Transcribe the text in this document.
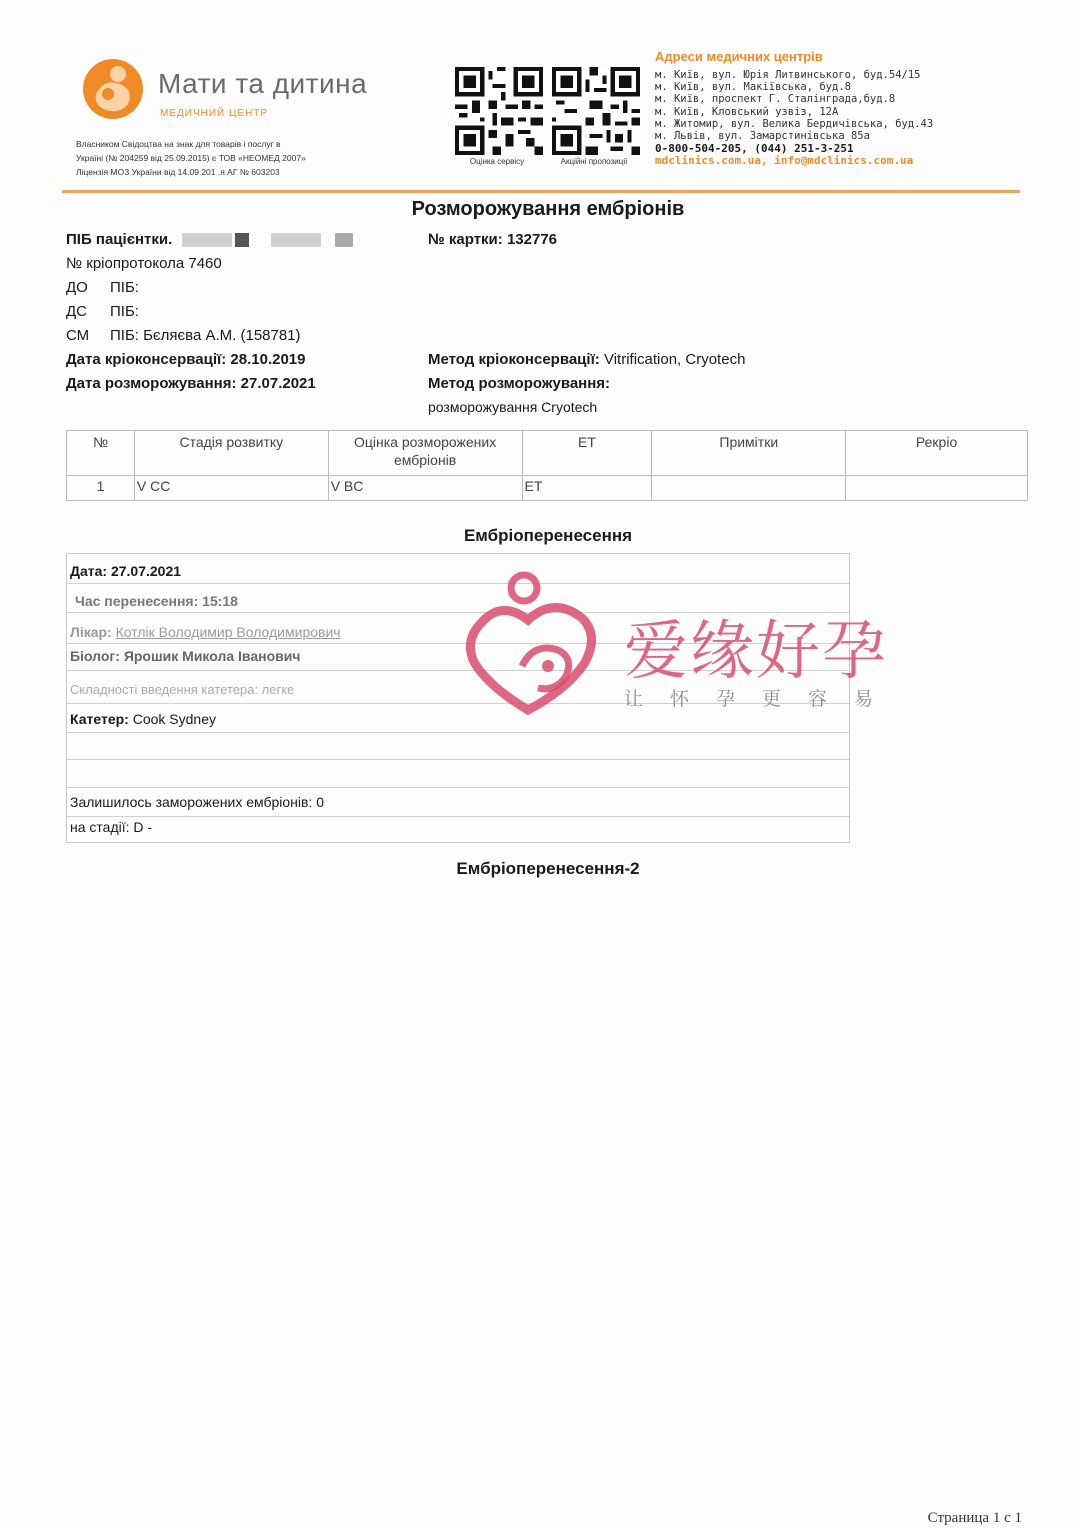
Мати та дитина
МЕДИЧНИЙ ЦЕНТР
Власником Свідоцтва на знак для товарів і послуг в
Україні (№ 204259 від 25.09.2015) є ТОВ «НЕОМЕД 2007»
Ліцензія МОЗ України від 14.09.201 .я АГ № 603203
Оцінка сервісу	Акційні пропозиції
Адреси медичних центрів
м. Київ, вул. Юрія Литвинського, буд.54/15
м. Київ, вул. Макіївська, буд.8
м. Київ, проспект Г. Сталінграда,буд.8
м. Київ, Кловський узвіз, 12А
м. Житомир, вул. Велика Бердичівська, буд.43
м. Львів, вул. Замарстинівська 85а
0-800-504-205, (044) 251-3-251
mdclinics.com.ua, info@mdclinics.com.ua
Розморожування ембріонів
ПІБ пацієнтки.	№ картки: 132776
№ кріопротокола 7460
ДО ПІБ:
ДС ПІБ:
СМ ПІБ: Бєляєва А.М. (158781)
Дата кріоконсервації: 28.10.2019
Дата розморожування: 27.07.2021
Метод кріоконсервації: Vitrification, Cryotech
Метод розморожування:
розморожування Cryotech
№	Стадія розвитку	Оцінка розморожених ембріонів	ЕТ	Примітки	Рекріо
1	V CC	V BC	ET		
Ембріоперенесення
Дата: 27.07.2021
Час перенесення: 15:18
Лікар: Котлік Володимир Володимирович
Біолог: Ярошик Микола Іванович
Складності введення катетера: легке
Катетер: Cook Sydney
Залишилось заморожених ембріонів: 0
на стадії: D -
Ембріоперенесення-2
爱缘好孕
让怀孕更容易
Страница 1 с 1
